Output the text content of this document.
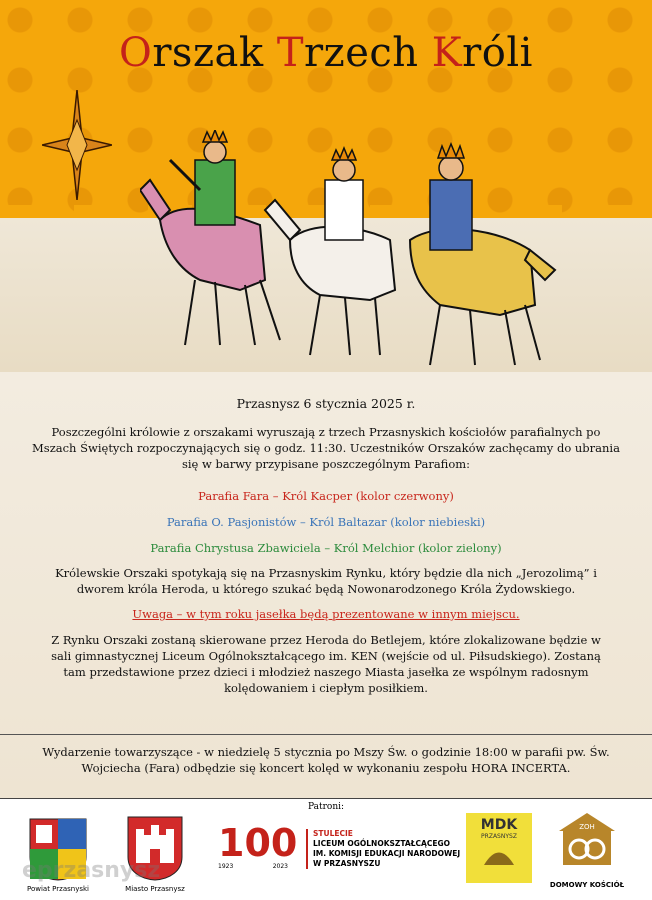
Orszak Trzech Króli

Przasnysz 6 stycznia 2025 r.

Poszczególni królowie z orszakami wyruszają z trzech Przasnyskich kościołów parafialnych po Mszach Świętych rozpoczynających się o godz. 11:30. Uczestników Orszaków zachęcamy do ubrania się w barwy przypisane poszczególnym Parafiom:

Parafia Fara – Król Kacper (kolor czerwony)

Parafia O. Pasjonistów – Król Baltazar (kolor niebieski)

Parafia Chrystusa Zbawiciela – Król Melchior (kolor zielony)

Królewskie Orszaki spotykają się na Przasnyskim Rynku, który będzie dla nich „Jerozolimą” i dworem króla Heroda, u którego szukać będą Nowonarodzonego Króla Żydowskiego.

Uwaga – w tym roku jasełka będą prezentowane w innym miejscu.

Z Rynku Orszaki zostaną skierowane przez Heroda do Betlejem, które zlokalizowane będzie w sali gimnastycznej Liceum Ogólnokształcącego im. KEN (wejście od ul. Piłsudskiego). Zostaną tam przedstawione przez dzieci i młodzież naszego Miasta jasełka ze wspólnym radosnym kolędowaniem i ciepłym posiłkiem.

Wydarzenie towarzyszące - w niedzielę 5 stycznia po Mszy Św. o godzinie 18:00 w parafii pw. Św. Wojciecha (Fara) odbędzie się koncert kolęd w wykonaniu zespołu HORA INCERTA.

Patroni:
Powiat Przasnyski	Miasto Przasnysz
100
1923	2023
STULECIE
LICEUM OGÓLNOKSZTAŁCĄCEGO
IM. KOMISJI EDUKACJI NARODOWEJ
W PRZASNYSZU
MDK
PRZASNYSZ
ZOH
DOMOWY KOŚCIÓŁ
eprzasnysz
